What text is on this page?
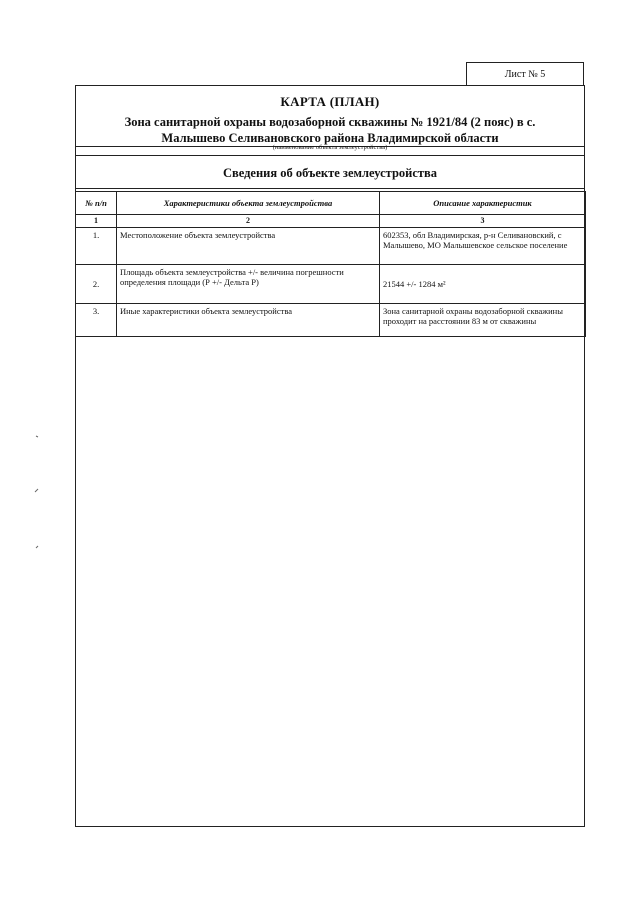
Лист № 5
КАРТА (ПЛАН)
Зона санитарной охраны водозаборной скважины № 1921/84 (2 пояс) в с.
Малышево Селивановского района Владимирской области
(наименование объекта землеустройства)
Сведения об объекте землеустройства
№ п/п	Характеристики объекта землеустройства	Описание характеристик
1	2	3
1.	Местоположение объекта землеустройства	602353, обл Владимирская, р-н Селивановский, с Малышево, МО Малышевское сельское поселение
2.	Площадь объекта землеустройства +/- величина погрешности определения площади (Р +/- Дельта Р)	21544 +/- 1284 м²
3.	Иные характеристики объекта землеустройства	Зона санитарной охраны водозаборной скважины проходит на расстоянии 83 м от скважины
